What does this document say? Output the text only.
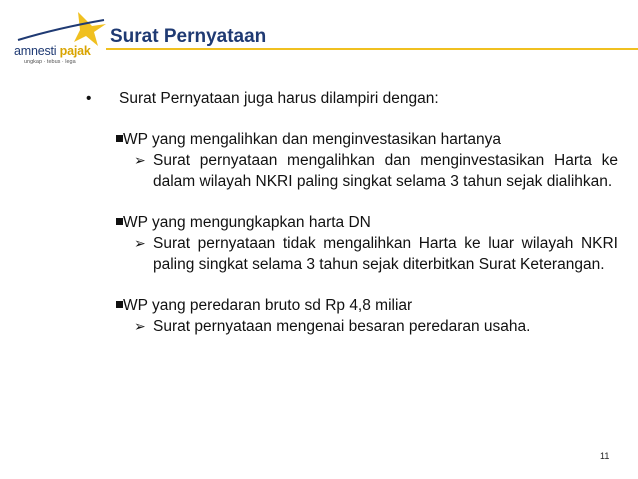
amnesti pajak
ungkap · tebus · lega
Surat Pernyataan
• Surat Pernyataan juga harus dilampiri dengan:
WP yang mengalihkan dan menginvestasikan hartanya
➢ Surat pernyataan mengalihkan dan menginvestasikan Harta ke dalam wilayah NKRI paling singkat selama 3 tahun sejak dialihkan.
WP yang mengungkapkan harta DN
➢ Surat pernyataan tidak mengalihkan Harta ke luar wilayah NKRI paling singkat selama 3 tahun sejak diterbitkan Surat Keterangan.
WP yang peredaran bruto sd Rp 4,8 miliar
➢ Surat pernyataan mengenai besaran peredaran usaha.
11
